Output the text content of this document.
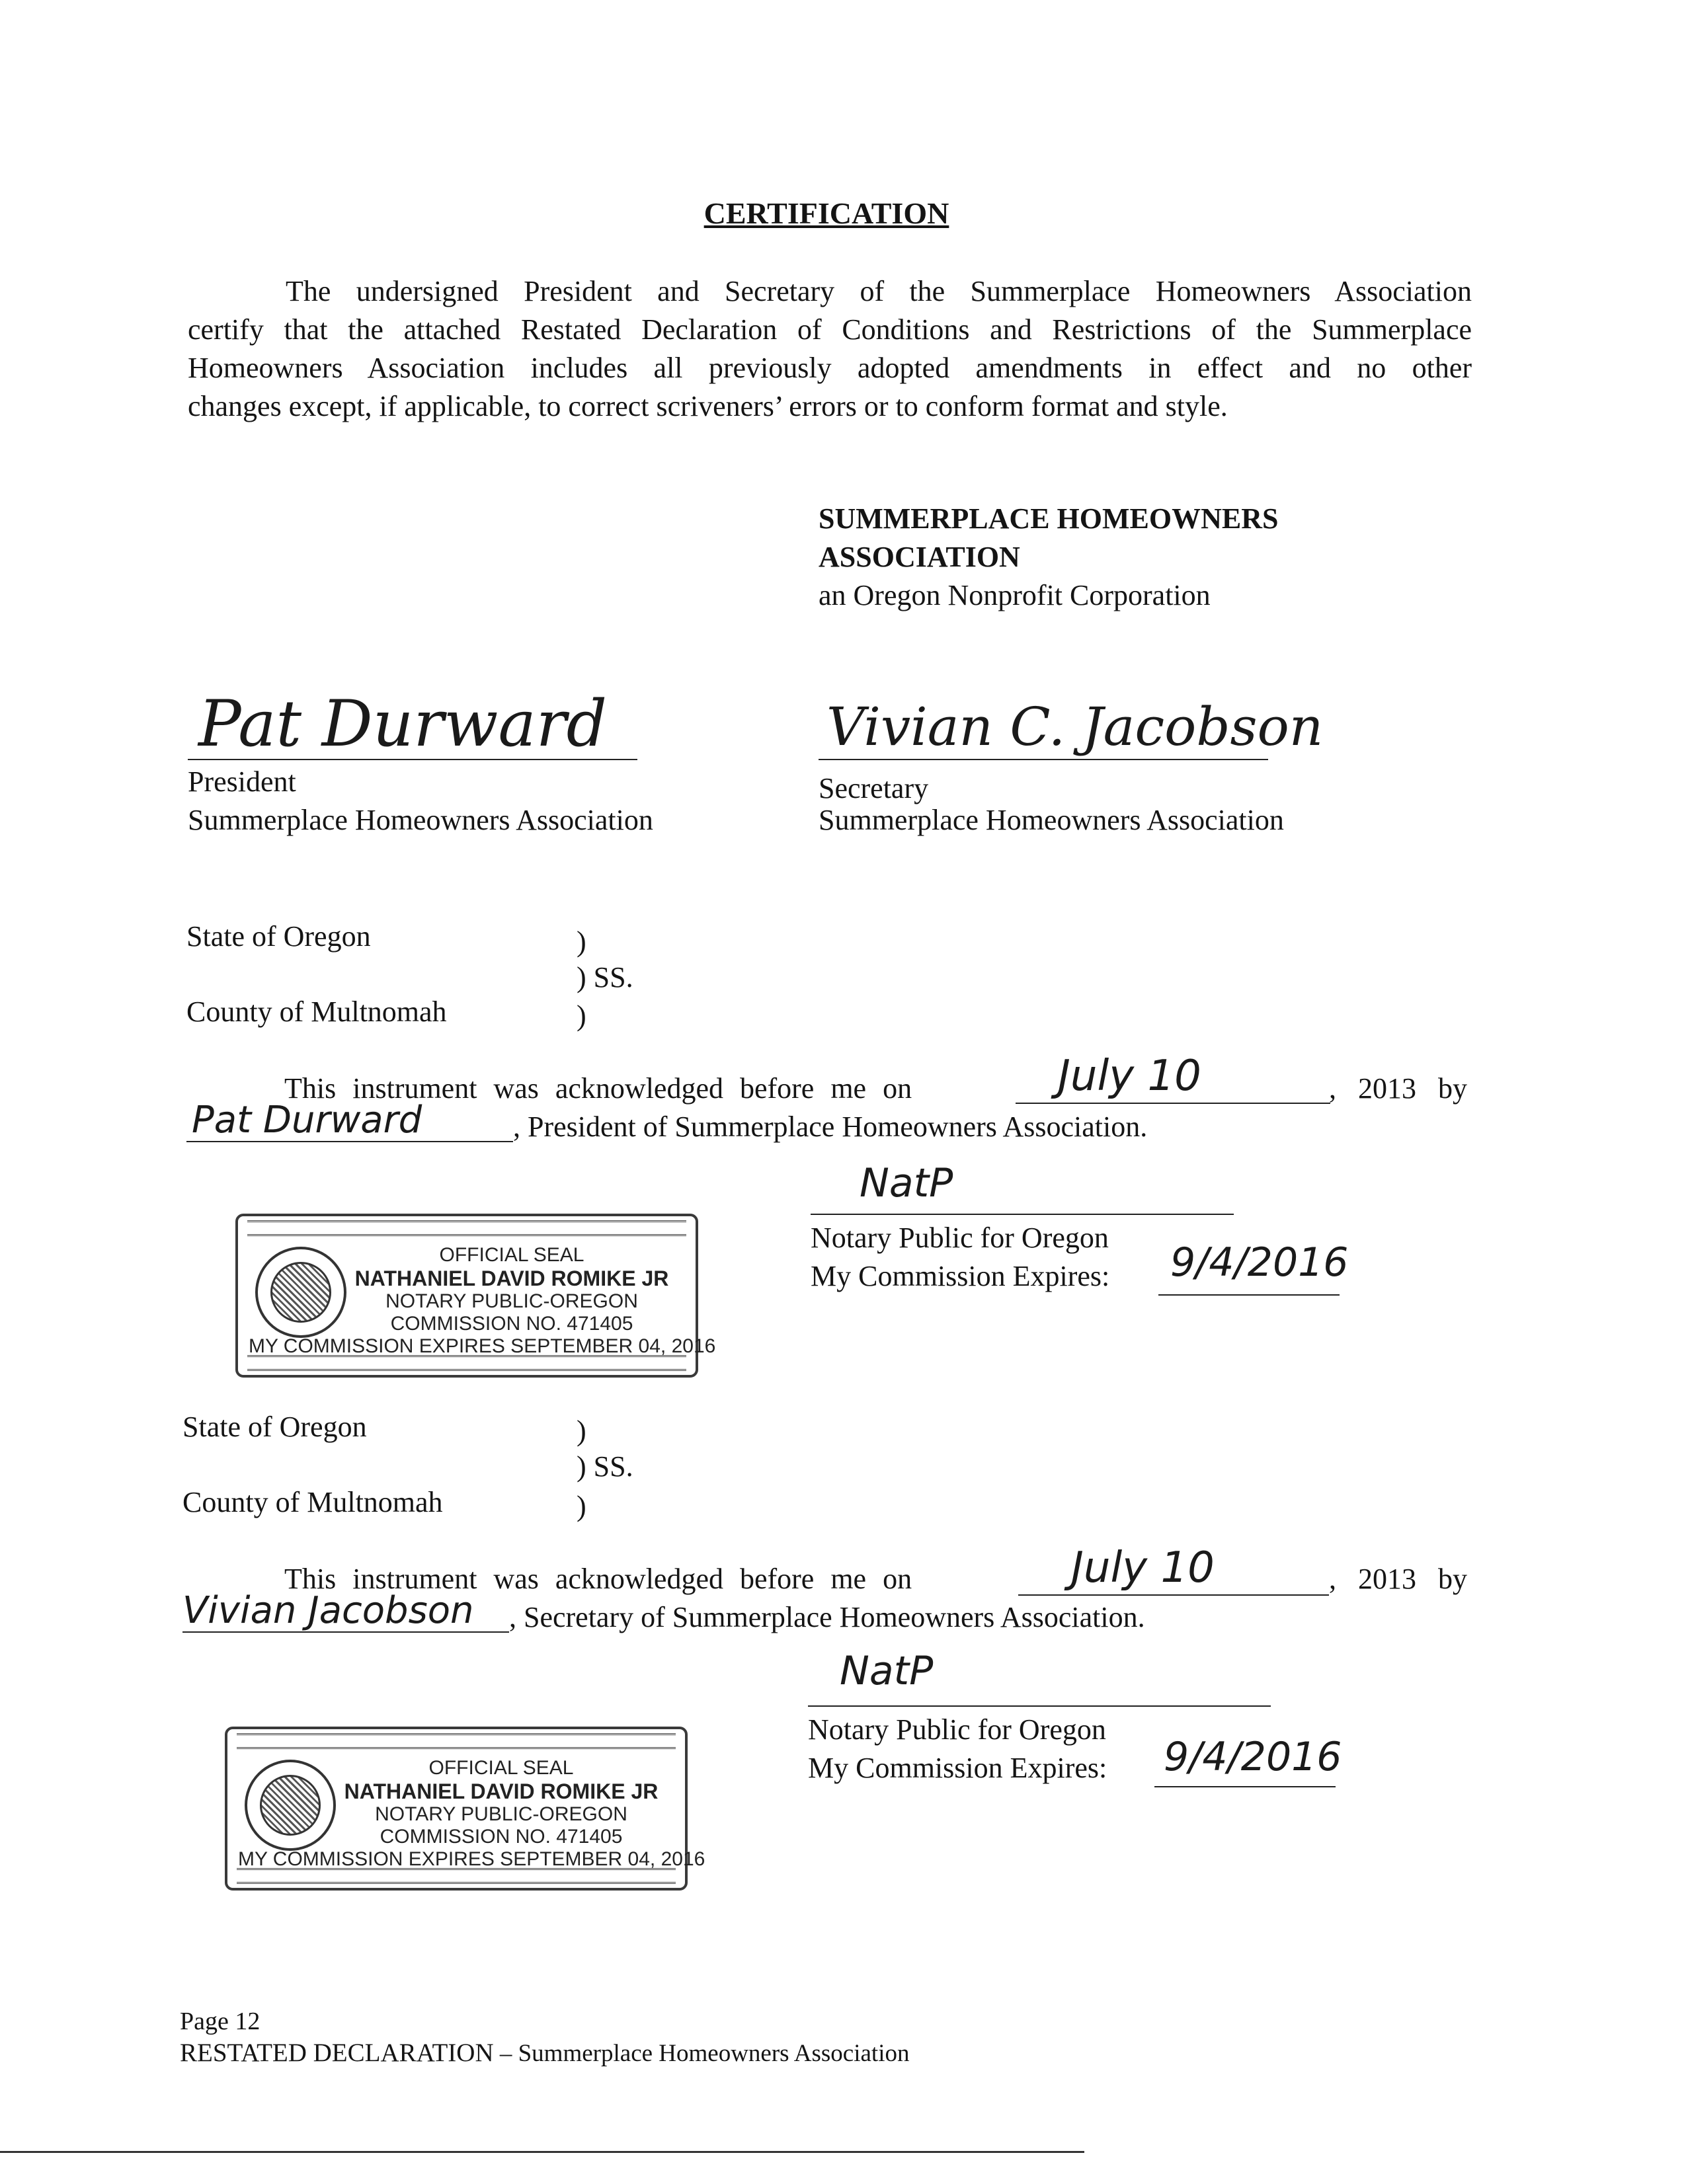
CERTIFICATION
The undersigned President and Secretary of the Summerplace Homeowners Association
certify that the attached Restated Declaration of Conditions and Restrictions of the Summerplace
Homeowners Association includes all previously adopted amendments in effect and no other
changes except, if applicable, to correct scriveners’ errors or to conform format and style.
SUMMERPLACE HOMEOWNERS
ASSOCIATION
an Oregon Nonprofit Corporation
Pat Durward
President
Summerplace Homeowners Association
Vivian C. Jacobson
Secretary
Summerplace Homeowners Association
State of Oregon	)
) SS.
County of Multnomah	)
This instrument was acknowledged before me on	July 10	, 2013 by
Pat Durward	, President of Summerplace Homeowners Association.
NatP
Notary Public for Oregon
My Commission Expires: 9/4/2016
OFFICIAL SEAL
NATHANIEL DAVID ROMIKE JR
NOTARY PUBLIC-OREGON
COMMISSION NO. 471405
MY COMMISSION EXPIRES SEPTEMBER 04, 2016
State of Oregon	)
) SS.
County of Multnomah	)
This instrument was acknowledged before me on	July 10	, 2013 by
Vivian Jacobson , Secretary of Summerplace Homeowners Association.
NatP
Notary Public for Oregon
My Commission Expires: 9/4/2016
OFFICIAL SEAL
NATHANIEL DAVID ROMIKE JR
NOTARY PUBLIC-OREGON
COMMISSION NO. 471405
MY COMMISSION EXPIRES SEPTEMBER 04, 2016
Page 12
RESTATED DECLARATION – Summerplace Homeowners Association
